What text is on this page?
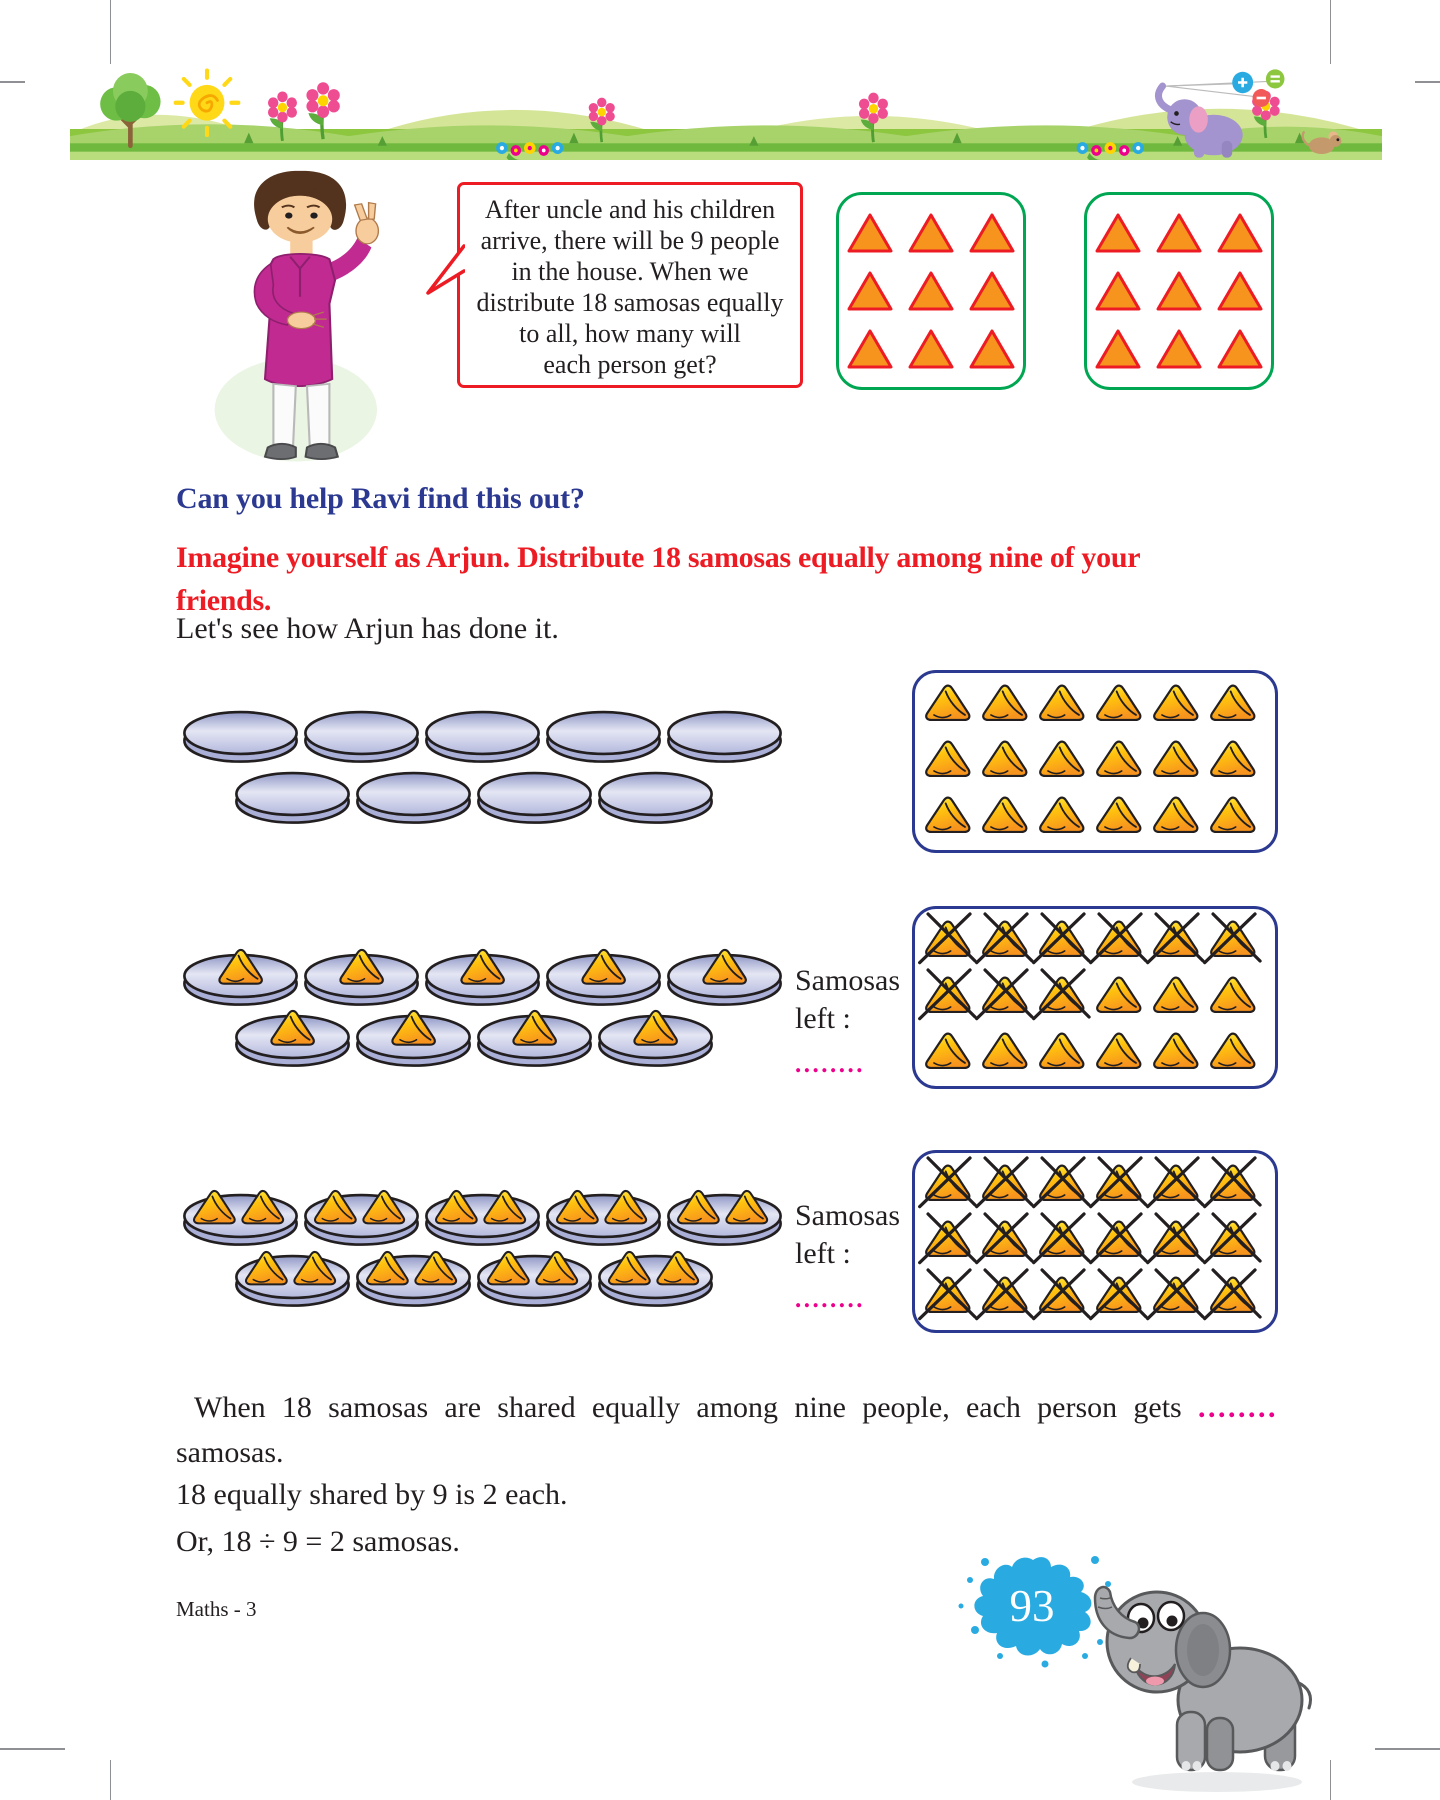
After uncle and his children
arrive, there will be 9 people
in the house. When we
distribute 18 samosas equally
to all, how many will
each person get?
Can you help Ravi find this out?
Imagine yourself as Arjun. Distribute 18 samosas equally among nine of your
friends.
Let's see how Arjun has done it.
Samosas
left :
........
Samosas
left :
........
When 18 samosas are shared equally among nine people, each person gets ........
samosas.
18 equally shared by 9 is 2 each.
Or, 18 ÷ 9 = 2 samosas.
Maths - 3	93
